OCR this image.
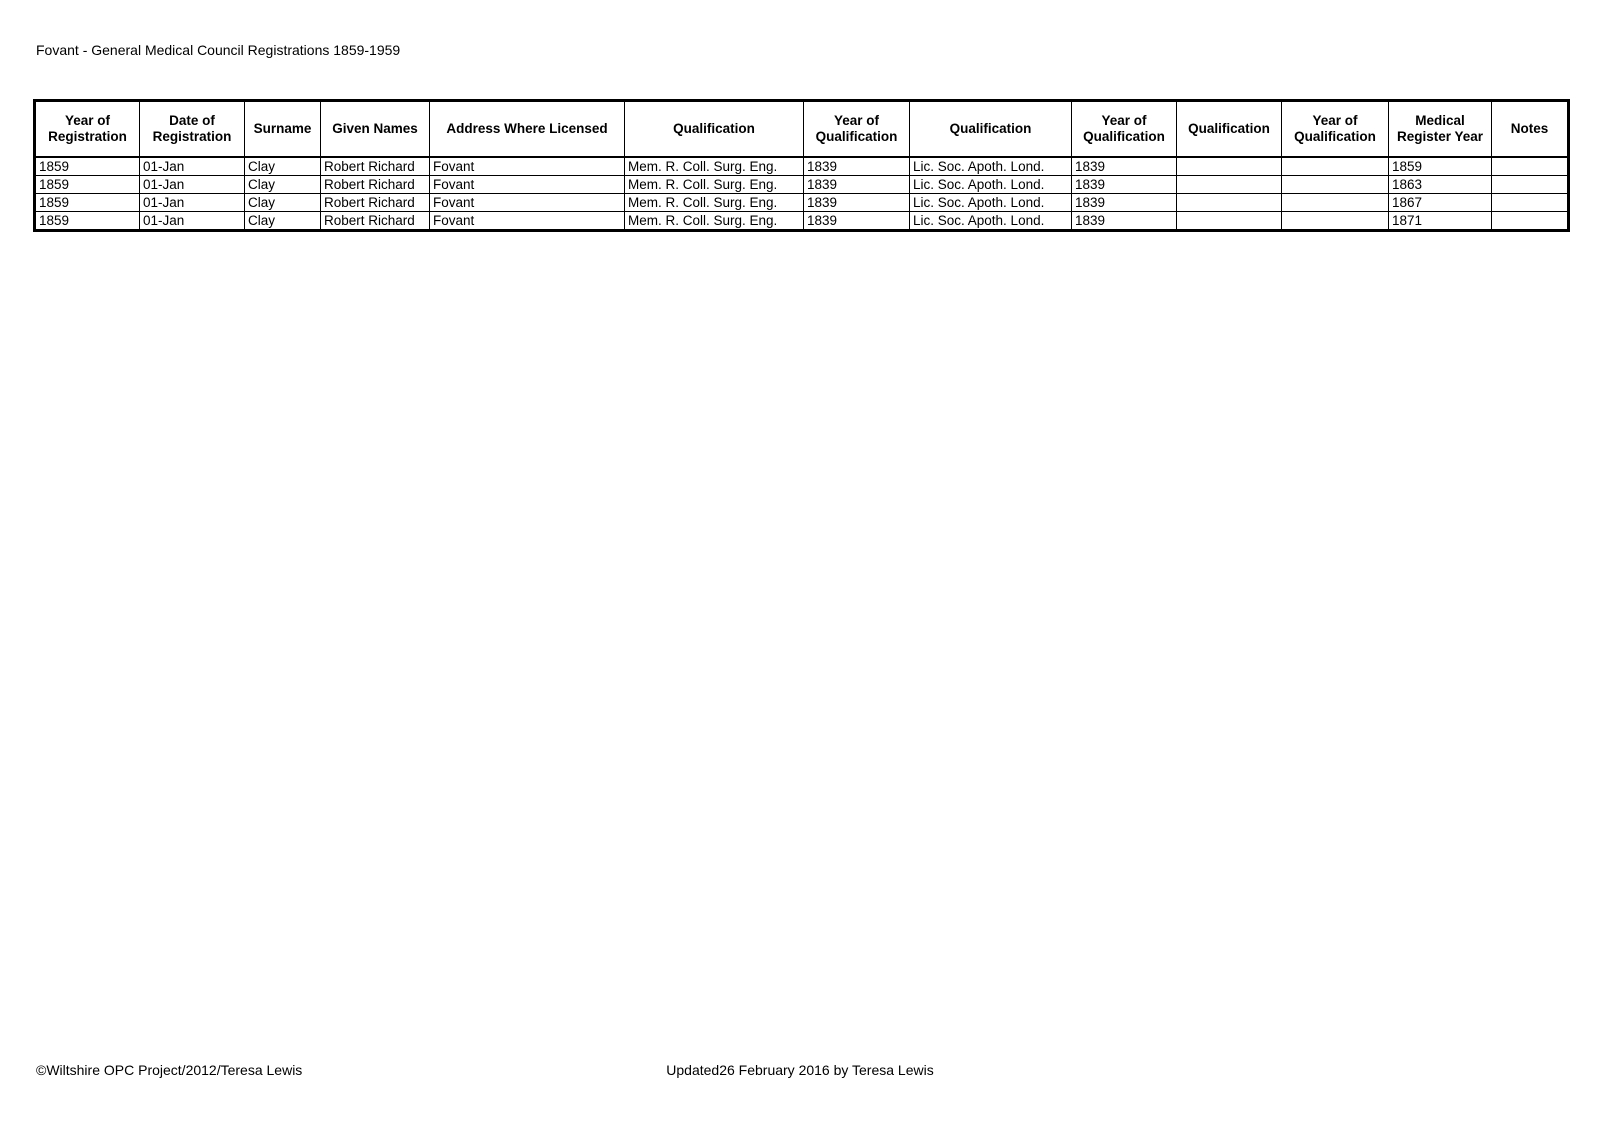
Fovant - General Medical Council Registrations 1859-1959
Year of Registration	Date of Registration	Surname	Given Names	Address Where Licensed	Qualification	Year of Qualification	Qualification	Year of Qualification	Qualification	Year of Qualification	Medical Register Year	Notes
1859	01-Jan	Clay	Robert Richard	Fovant	Mem. R. Coll. Surg. Eng.	1839	Lic. Soc. Apoth. Lond.	1839			1859	
1859	01-Jan	Clay	Robert Richard	Fovant	Mem. R. Coll. Surg. Eng.	1839	Lic. Soc. Apoth. Lond.	1839			1863	
1859	01-Jan	Clay	Robert Richard	Fovant	Mem. R. Coll. Surg. Eng.	1839	Lic. Soc. Apoth. Lond.	1839			1867	
1859	01-Jan	Clay	Robert Richard	Fovant	Mem. R. Coll. Surg. Eng.	1839	Lic. Soc. Apoth. Lond.	1839			1871	
©Wiltshire OPC Project/2012/Teresa Lewis	Updated26 February 2016 by Teresa Lewis
